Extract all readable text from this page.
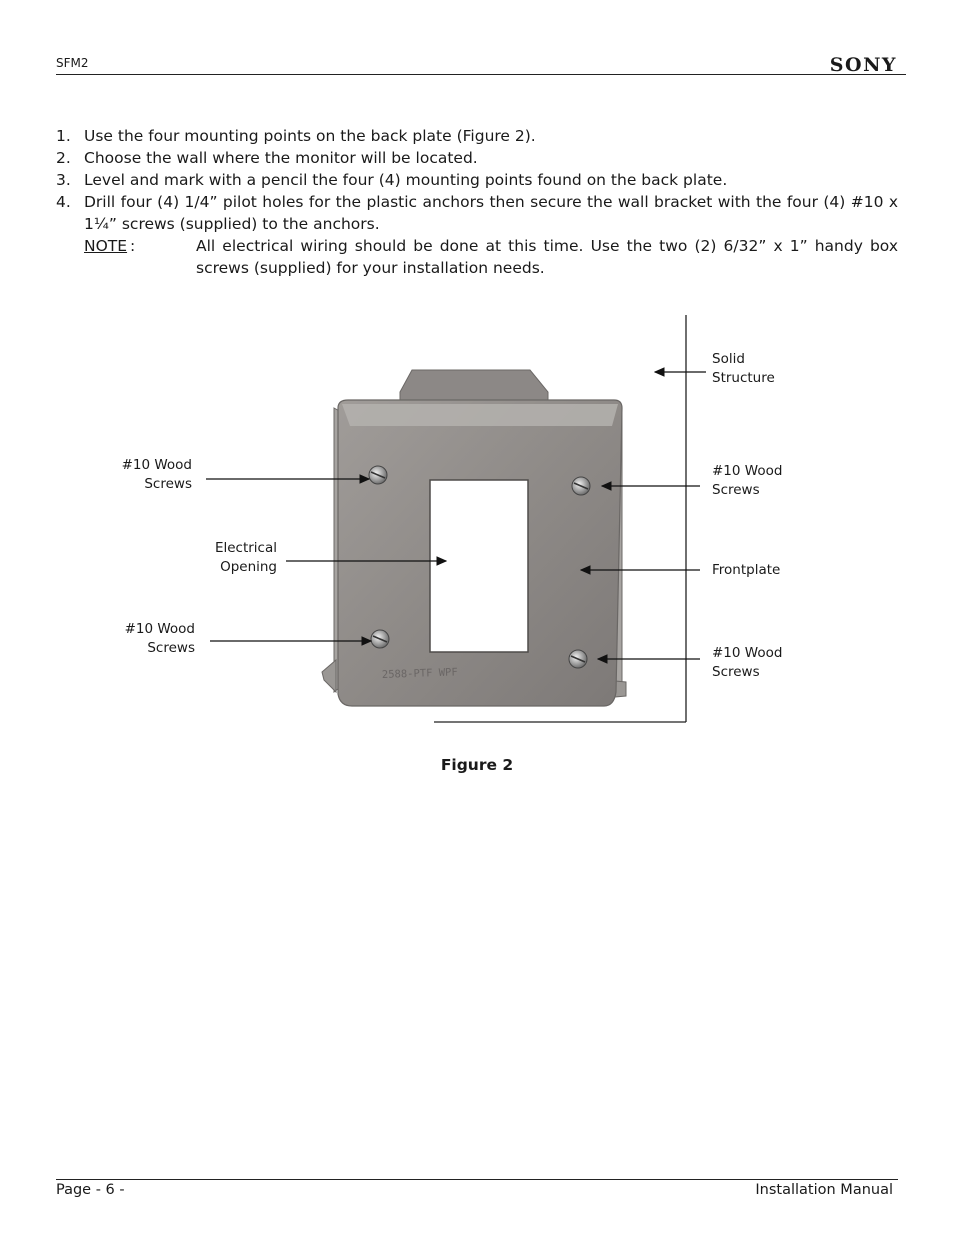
SFM2	SONY
1. Use the four mounting points on the back plate (Figure 2).
2. Choose the wall where the monitor will be located.
3. Level and mark with a pencil the four (4) mounting points found on the back plate.
4. Drill four (4) 1/4” pilot holes for the plastic anchors then secure the wall bracket with the four (4) #10 x 1¼” screws (supplied) to the anchors.
NOTE :	All electrical wiring should be done at this time. Use the two (2) 6/32” x 1” handy box screws (supplied) for your installation needs.
2588-PTF WPF
Solid
Structure
#10 Wood
Screws
#10 Wood
Screws
Electrical
Opening	Frontplate
#10 Wood
Screws	#10 Wood
Screws
Figure 2
Page - 6 -	Installation Manual
